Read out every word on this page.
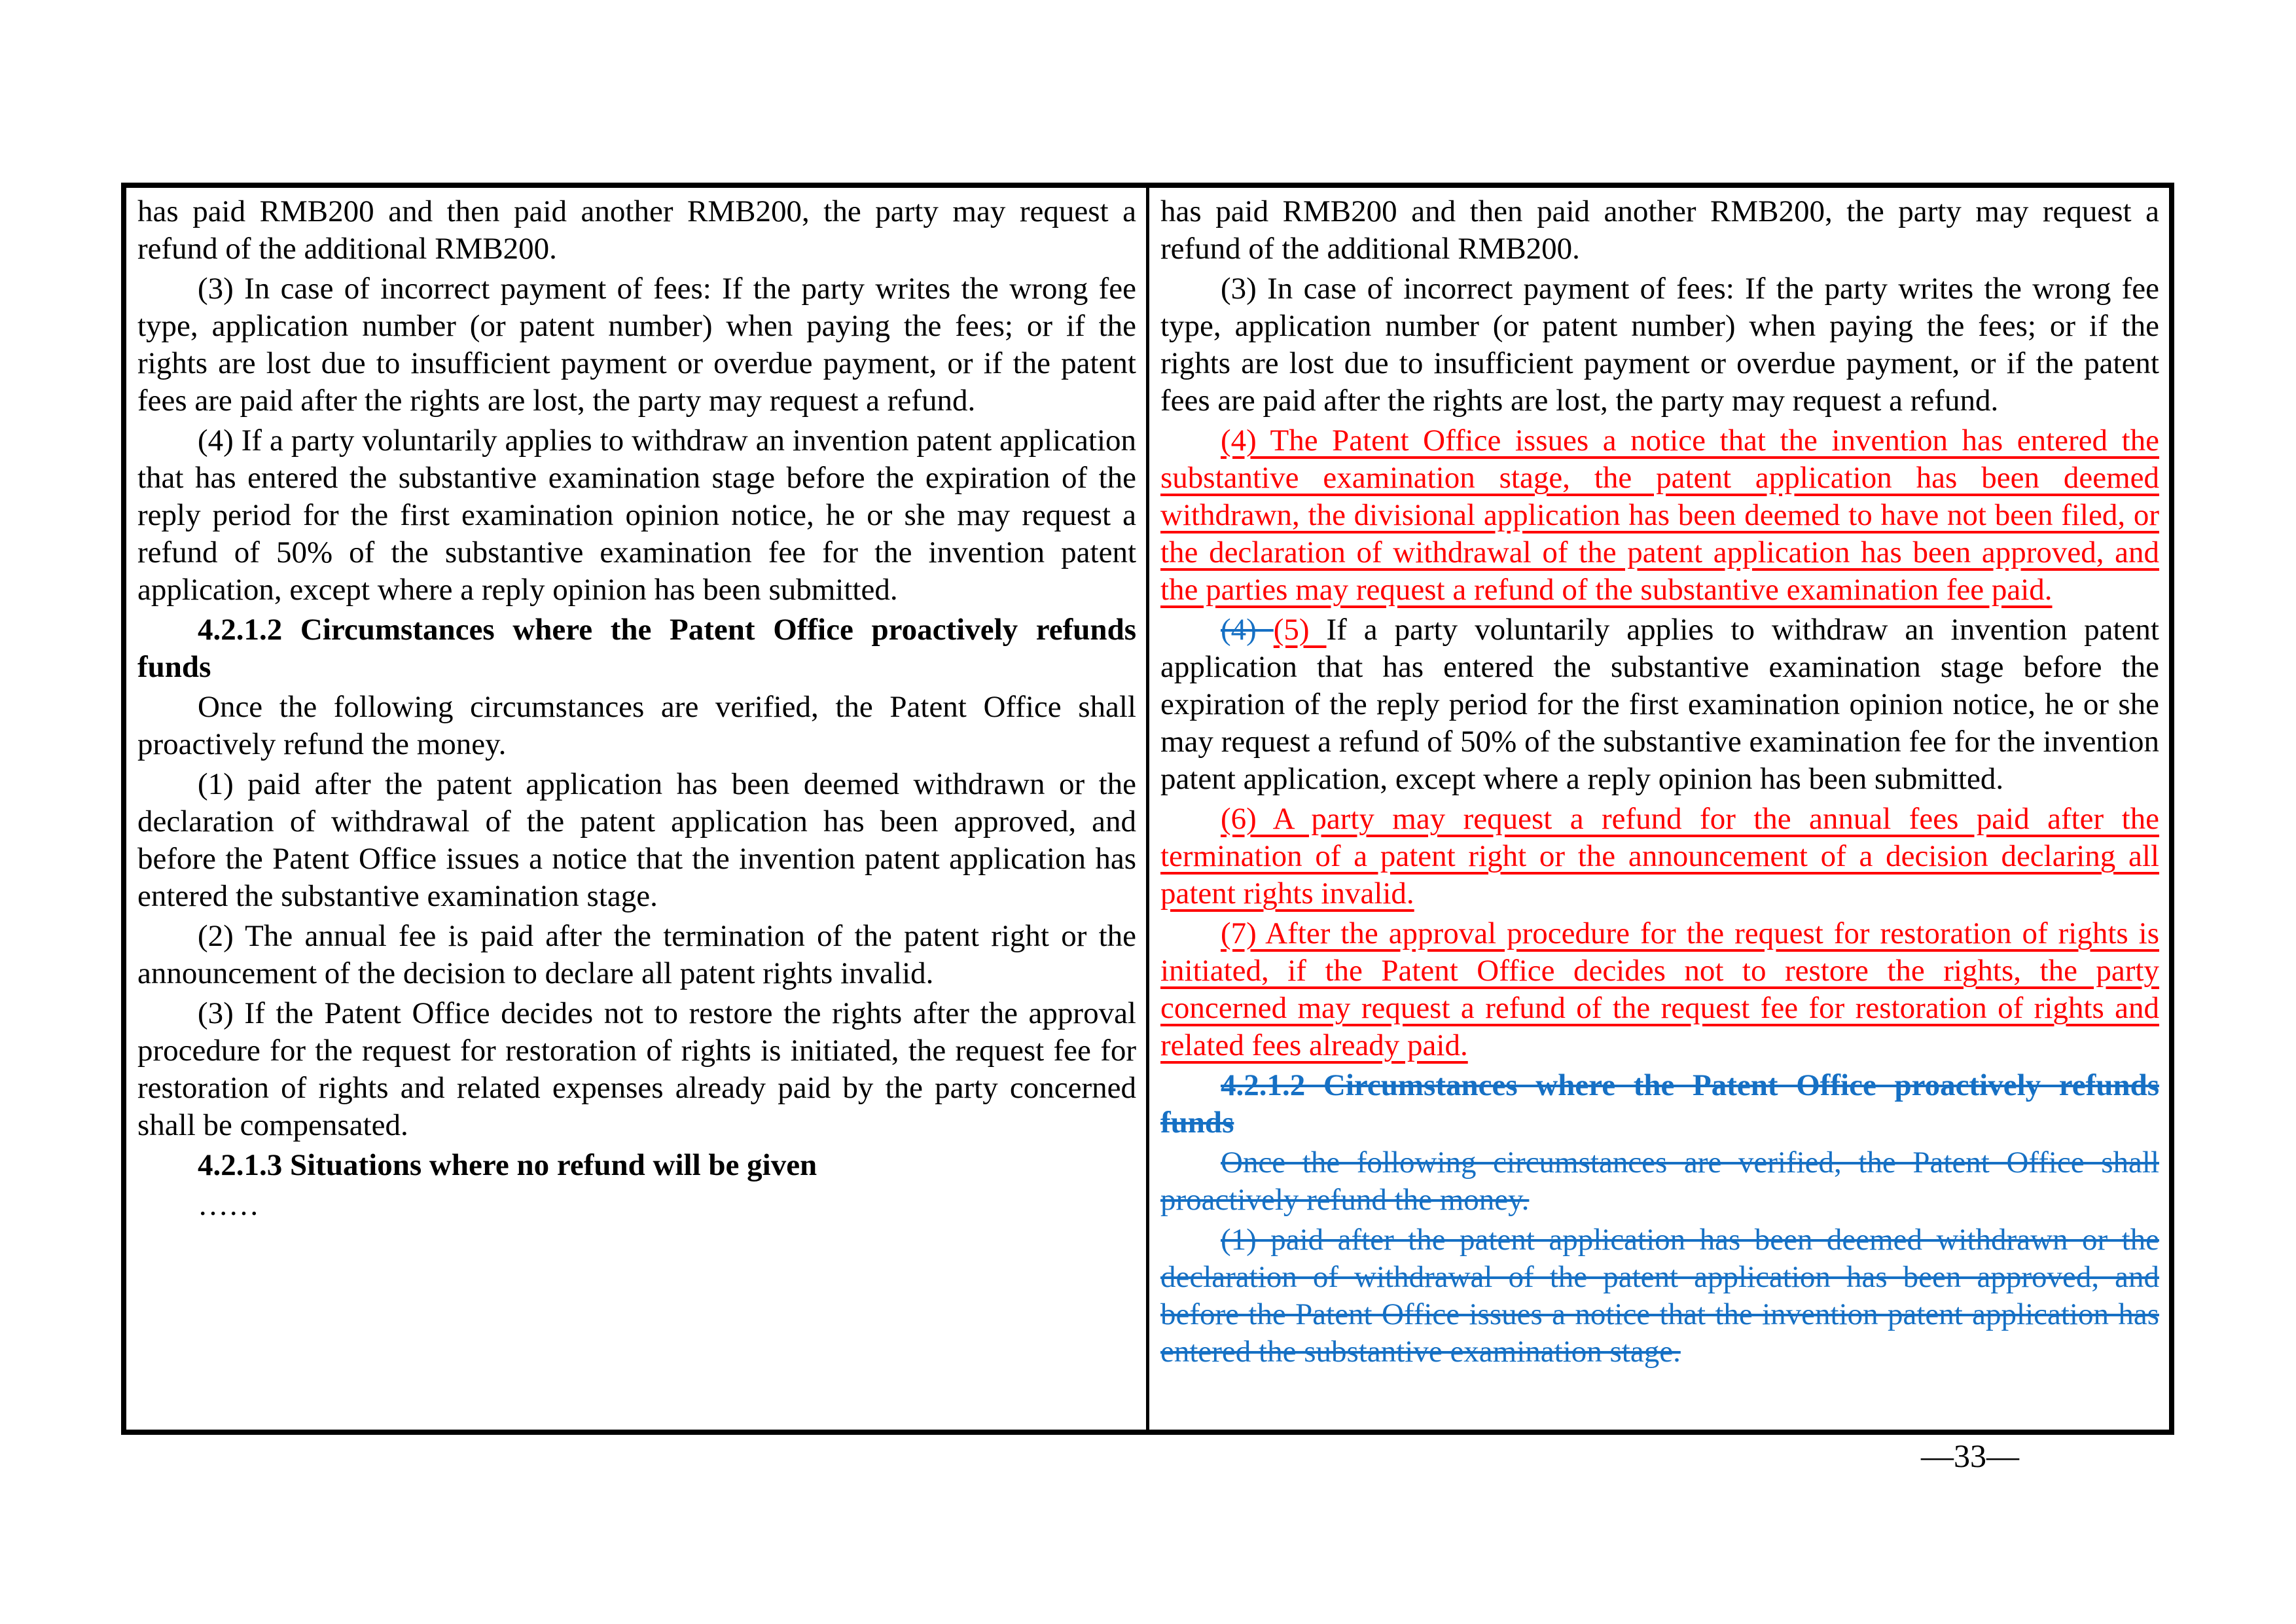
has paid RMB200 and then paid another RMB200, the party may request a refund of the additional RMB200.

(3) In case of incorrect payment of fees: If the party writes the wrong fee type, application number (or patent number) when paying the fees; or if the rights are lost due to insufficient payment or overdue payment, or if the patent fees are paid after the rights are lost, the party may request a refund.

(4) If a party voluntarily applies to withdraw an invention patent application that has entered the substantive examination stage before the expiration of the reply period for the first examination opinion notice, he or she may request a refund of 50% of the substantive examination fee for the invention patent application, except where a reply opinion has been submitted.

4.2.1.2 Circumstances where the Patent Office proactively refunds funds

Once the following circumstances are verified, the Patent Office shall proactively refund the money.

(1) paid after the patent application has been deemed withdrawn or the declaration of withdrawal of the patent application has been approved, and before the Patent Office issues a notice that the invention patent application has entered the substantive examination stage.

(2) The annual fee is paid after the termination of the patent right or the announcement of the decision to declare all patent rights invalid.

(3) If the Patent Office decides not to restore the rights after the approval procedure for the request for restoration of rights is initiated, the request fee for restoration of rights and related expenses already paid by the party concerned shall be compensated.

4.2.1.3 Situations where no refund will be given

……

has paid RMB200 and then paid another RMB200, the party may request a refund of the additional RMB200.

(3) In case of incorrect payment of fees: If the party writes the wrong fee type, application number (or patent number) when paying the fees; or if the rights are lost due to insufficient payment or overdue payment, or if the patent fees are paid after the rights are lost, the party may request a refund.

(4) The Patent Office issues a notice that the invention has entered the substantive examination stage, the patent application has been deemed withdrawn, the divisional application has been deemed to have not been filed, or the declaration of withdrawal of the patent application has been approved, and the parties may request a refund of the substantive examination fee paid.

(4) (5) If a party voluntarily applies to withdraw an invention patent application that has entered the substantive examination stage before the expiration of the reply period for the first examination opinion notice, he or she may request a refund of 50% of the substantive examination fee for the invention patent application, except where a reply opinion has been submitted.

(6) A party may request a refund for the annual fees paid after the termination of a patent right or the announcement of a decision declaring all patent rights invalid.

(7) After the approval procedure for the request for restoration of rights is initiated, if the Patent Office decides not to restore the rights, the party concerned may request a refund of the request fee for restoration of rights and related fees already paid.

4.2.1.2 Circumstances where the Patent Office proactively refunds funds

Once the following circumstances are verified, the Patent Office shall proactively refund the money.

(1) paid after the patent application has been deemed withdrawn or the declaration of withdrawal of the patent application has been approved, and before the Patent Office issues a notice that the invention patent application has entered the substantive examination stage.

—33—
